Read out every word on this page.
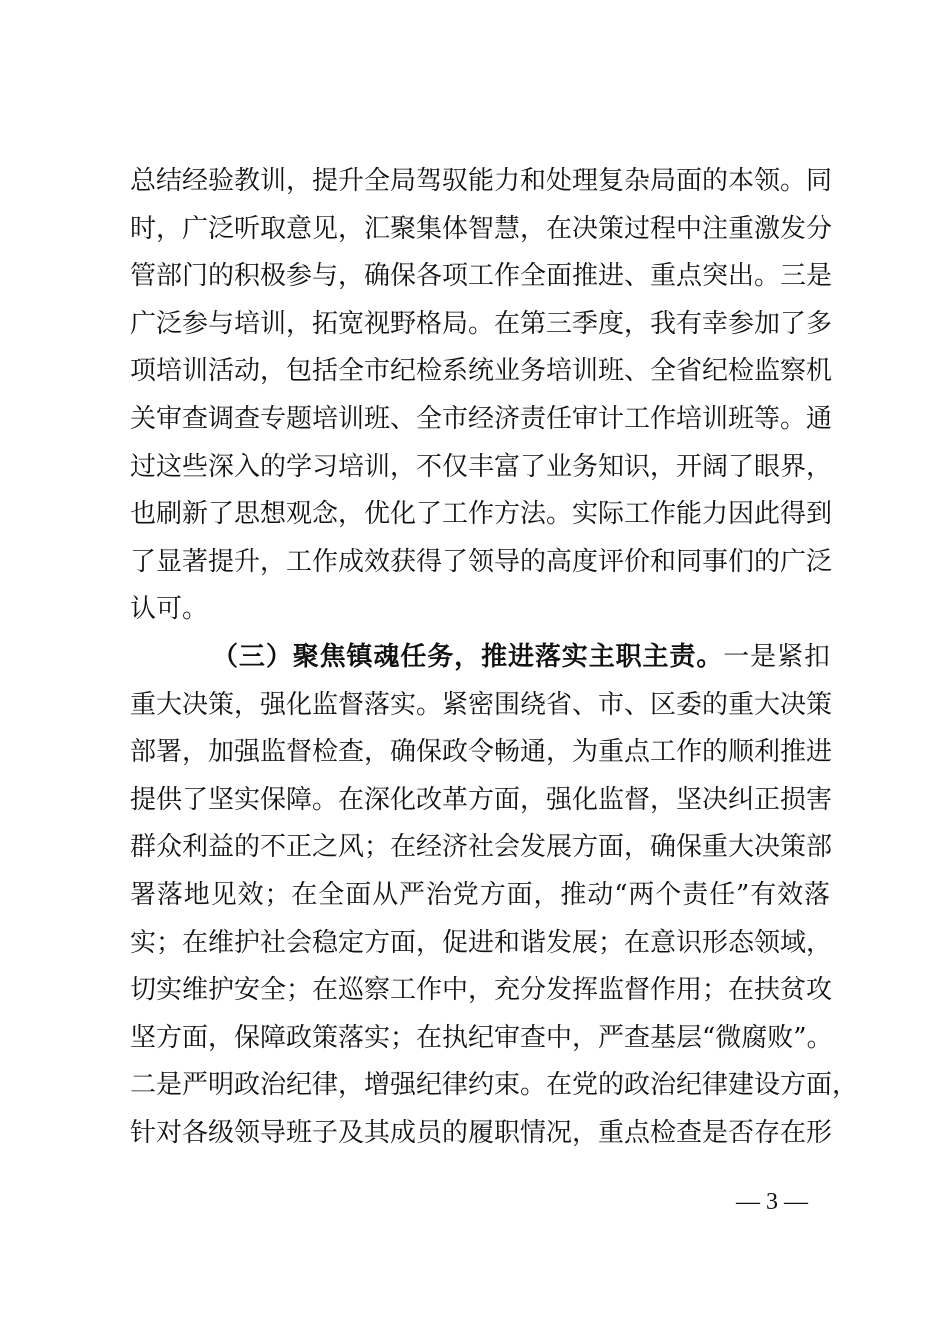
总结经验教训，提升全局驾驭能力和处理复杂局面的本领。同
时，广泛听取意见，汇聚集体智慧，在决策过程中注重激发分
管部门的积极参与，确保各项工作全面推进、重点突出。三是
广泛参与培训，拓宽视野格局。在第三季度，我有幸参加了多
项培训活动，包括全市纪检系统业务培训班、全省纪检监察机
关审查调查专题培训班、全市经济责任审计工作培训班等。通
过这些深入的学习培训，不仅丰富了业务知识，开阔了眼界，
也刷新了思想观念，优化了工作方法。实际工作能力因此得到
了显著提升，工作成效获得了领导的高度评价和同事们的广泛
认可。
（三）聚焦镇魂任务，推进落实主职主责。一是紧扣
重大决策，强化监督落实。紧密围绕省、市、区委的重大决策
部署，加强监督检查，确保政令畅通，为重点工作的顺利推进
提供了坚实保障。在深化改革方面，强化监督，坚决纠正损害
群众利益的不正之风；在经济社会发展方面，确保重大决策部
署落地见效；在全面从严治党方面，推动“两个责任”有效落
实；在维护社会稳定方面，促进和谐发展；在意识形态领域，
切实维护安全；在巡察工作中，充分发挥监督作用；在扶贫攻
坚方面，保障政策落实；在执纪审查中，严查基层“微腐败”。
二是严明政治纪律，增强纪律约束。在党的政治纪律建设方面，
针对各级领导班子及其成员的履职情况，重点检查是否存在形
— 3 —
